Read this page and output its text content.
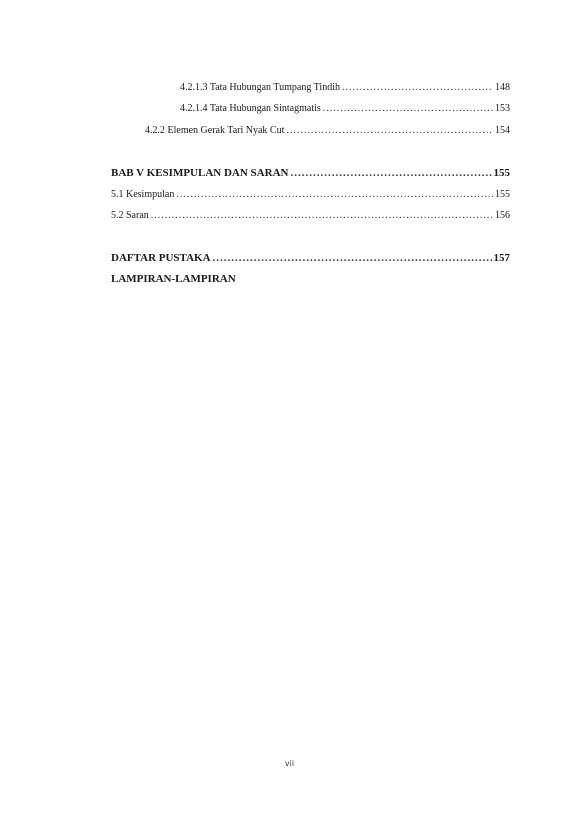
4.2.1.3 Tata Hubungan Tumpang Tindih .....	148
4.2.1.4 Tata Hubungan Sintagmatis .....	153
4.2.2 Elemen Gerak Tari Nyak Cut .....	154
BAB V KESIMPULAN DAN SARAN .....	155
5.1 Kesimpulan .....	155
5.2 Saran .....	156
DAFTAR PUSTAKA .....	157
LAMPIRAN-LAMPIRAN
vii
